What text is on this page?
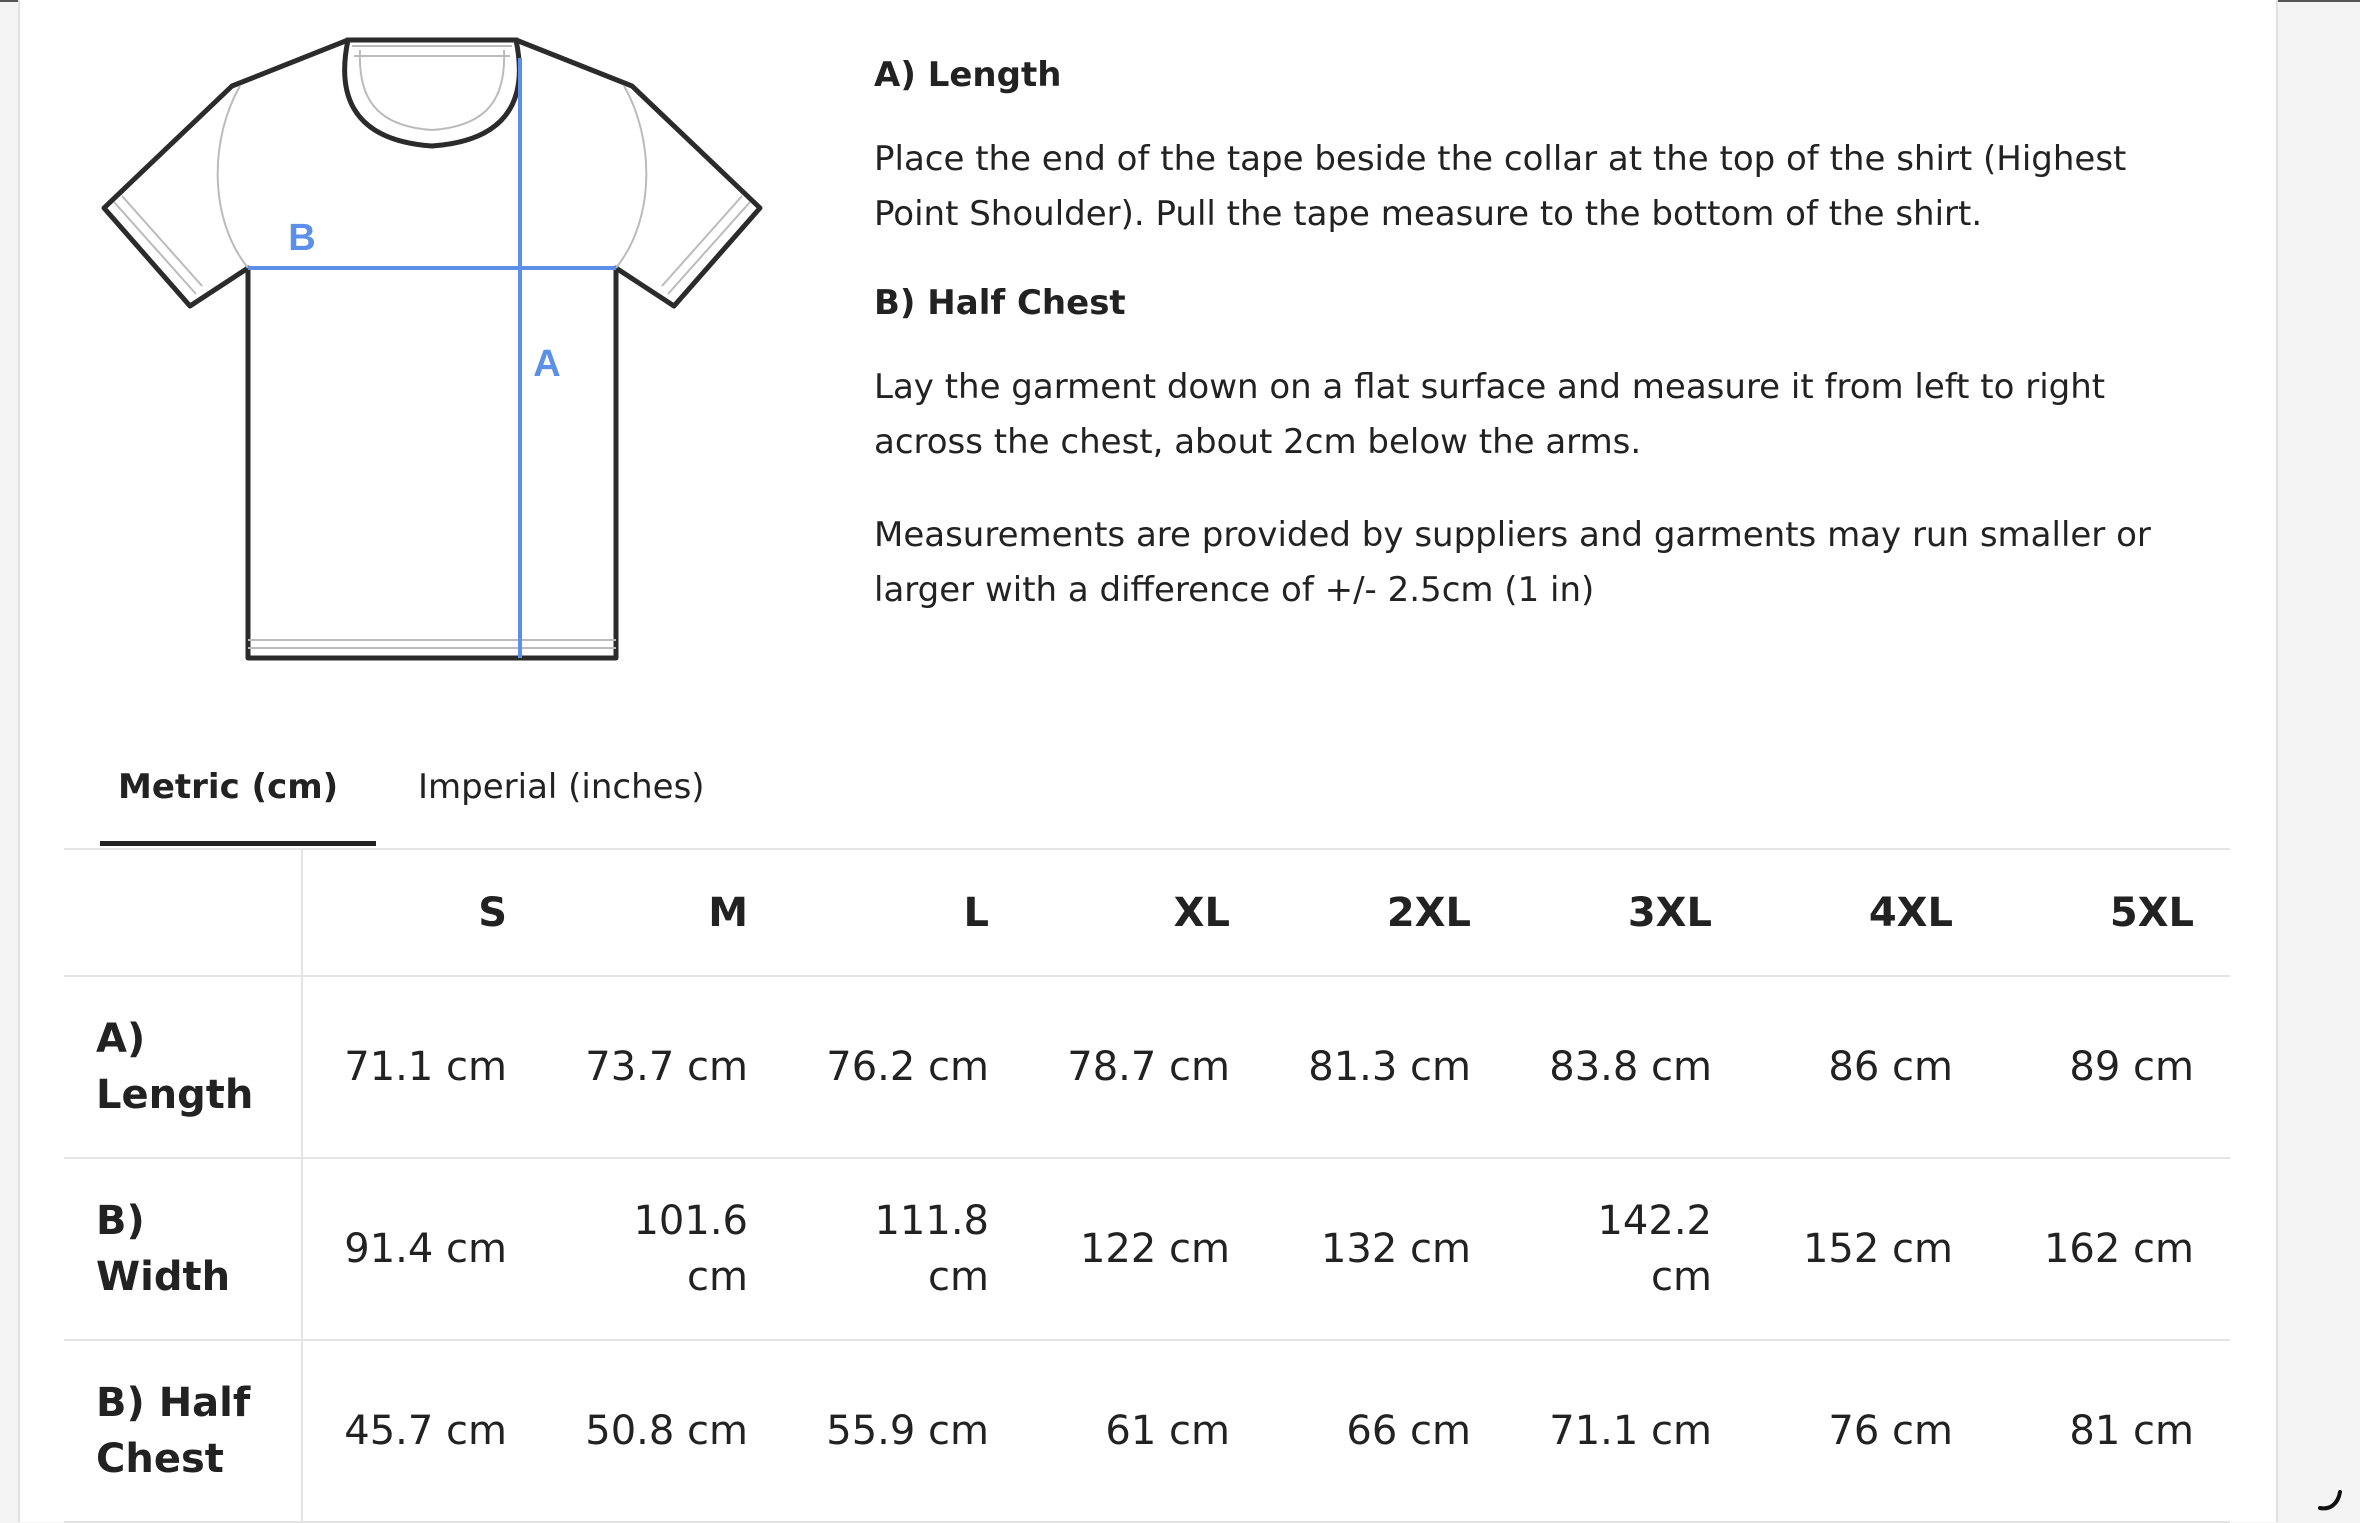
B
A
A) Length

Place the end of the tape beside the collar at the top of the shirt (Highest Point Shoulder). Pull the tape measure to the bottom of the shirt.

B) Half Chest

Lay the garment down on a flat surface and measure it from left to right across the chest, about 2cm below the arms.

Measurements are provided by suppliers and garments may run smaller or larger with a difference of +/- 2.5cm (1 in)

Metric (cm)	Imperial (inches)
	S	M	L	XL	2XL	3XL	4XL	5XL
A) Length	71.1 cm	73.7 cm	76.2 cm	78.7 cm	81.3 cm	83.8 cm	86 cm	89 cm
B) Width	91.4 cm	101.6 cm	111.8 cm	122 cm	132 cm	142.2 cm	152 cm	162 cm
B) Half Chest	45.7 cm	50.8 cm	55.9 cm	61 cm	66 cm	71.1 cm	76 cm	81 cm
